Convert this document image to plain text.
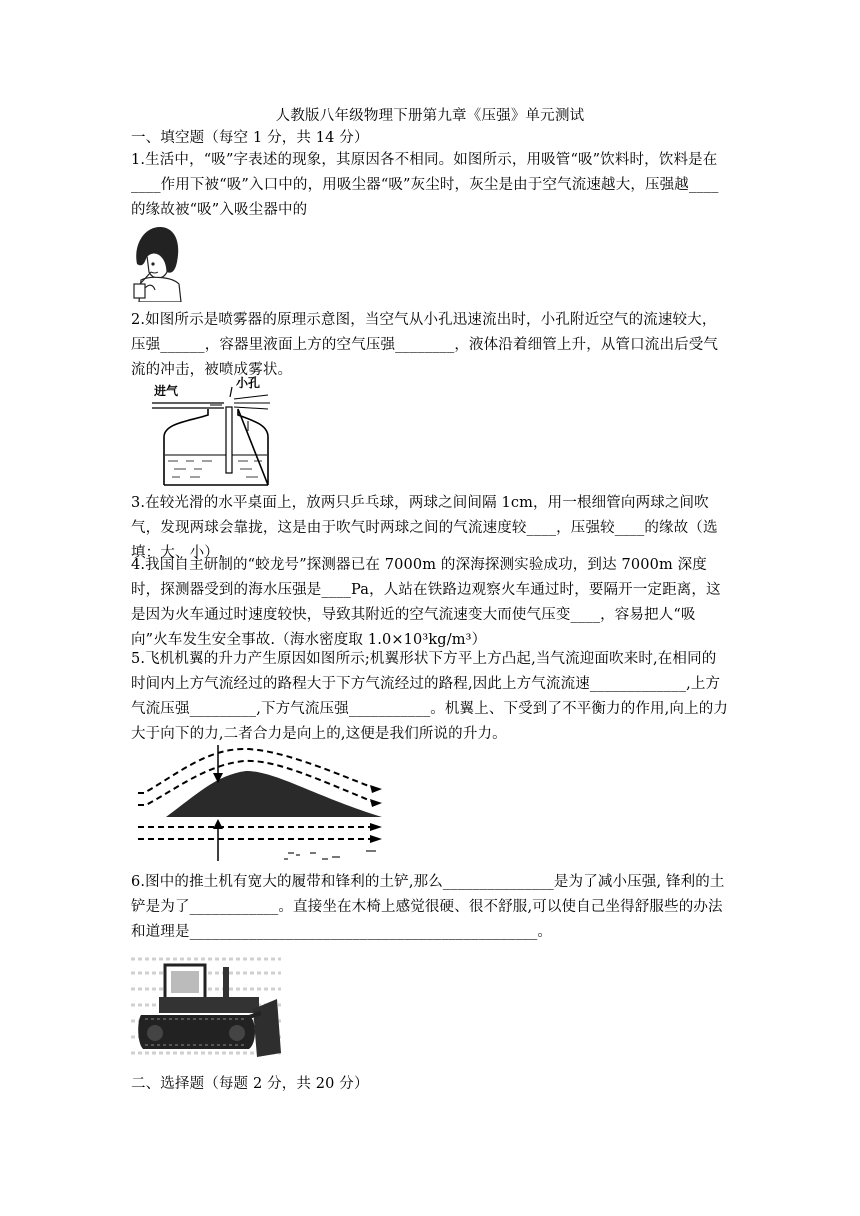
人教版八年级物理下册第九章《压强》单元测试
一、填空题（每空 1 分，共 14 分）
1.生活中，“吸”字表述的现象，其原因各不相同。如图所示，用吸管“吸”饮料时，饮料是在____作用下被“吸”入口中的，用吸尘器“吸”灰尘时，灰尘是由于空气流速越大，压强越____的缘故被“吸”入吸尘器中的
2.如图所示是喷雾器的原理示意图，当空气从小孔迅速流出时，小孔附近空气的流速较大，压强______，容器里液面上方的空气压强________，液体沿着细管上升，从管口流出后受气流的冲击，被喷成雾状。
进气
小孔
3.在较光滑的水平桌面上，放两只乒乓球，两球之间间隔 1cm，用一根细管向两球之间吹气，发现两球会靠拢，这是由于吹气时两球之间的气流速度较____，压强较____的缘故（选填：大、小）.
4.我国自主研制的“蛟龙号”探测器已在 7000m 的深海探测实验成功，到达 7000m 深度时，探测器受到的海水压强是____Pa，人站在铁路边观察火车通过时，要隔开一定距离，这是因为火车通过时速度较快，导致其附近的空气流速变大而使气压变____，容易把人“吸向”火车发生安全事故.（海水密度取 1.0×10³kg/m³）
5.飞机机翼的升力产生原因如图所示;机翼形状下方平上方凸起,当气流迎面吹来时,在相同的时间内上方气流经过的路程大于下方气流经过的路程,因此上方气流流速_____________,上方气流压强_________,下方气流压强___________。机翼上、下受到了不平衡力的作用,向上的力大于向下的力,二者合力是向上的,这便是我们所说的升力。
6.图中的推土机有宽大的履带和锋利的土铲,那么_______________是为了减小压强, 锋利的土铲是为了____________。直接坐在木椅上感觉很硬、很不舒服,可以使自己坐得舒服些的办法和道理是_______________________________________________。
二、选择题（每题 2 分，共 20 分）
